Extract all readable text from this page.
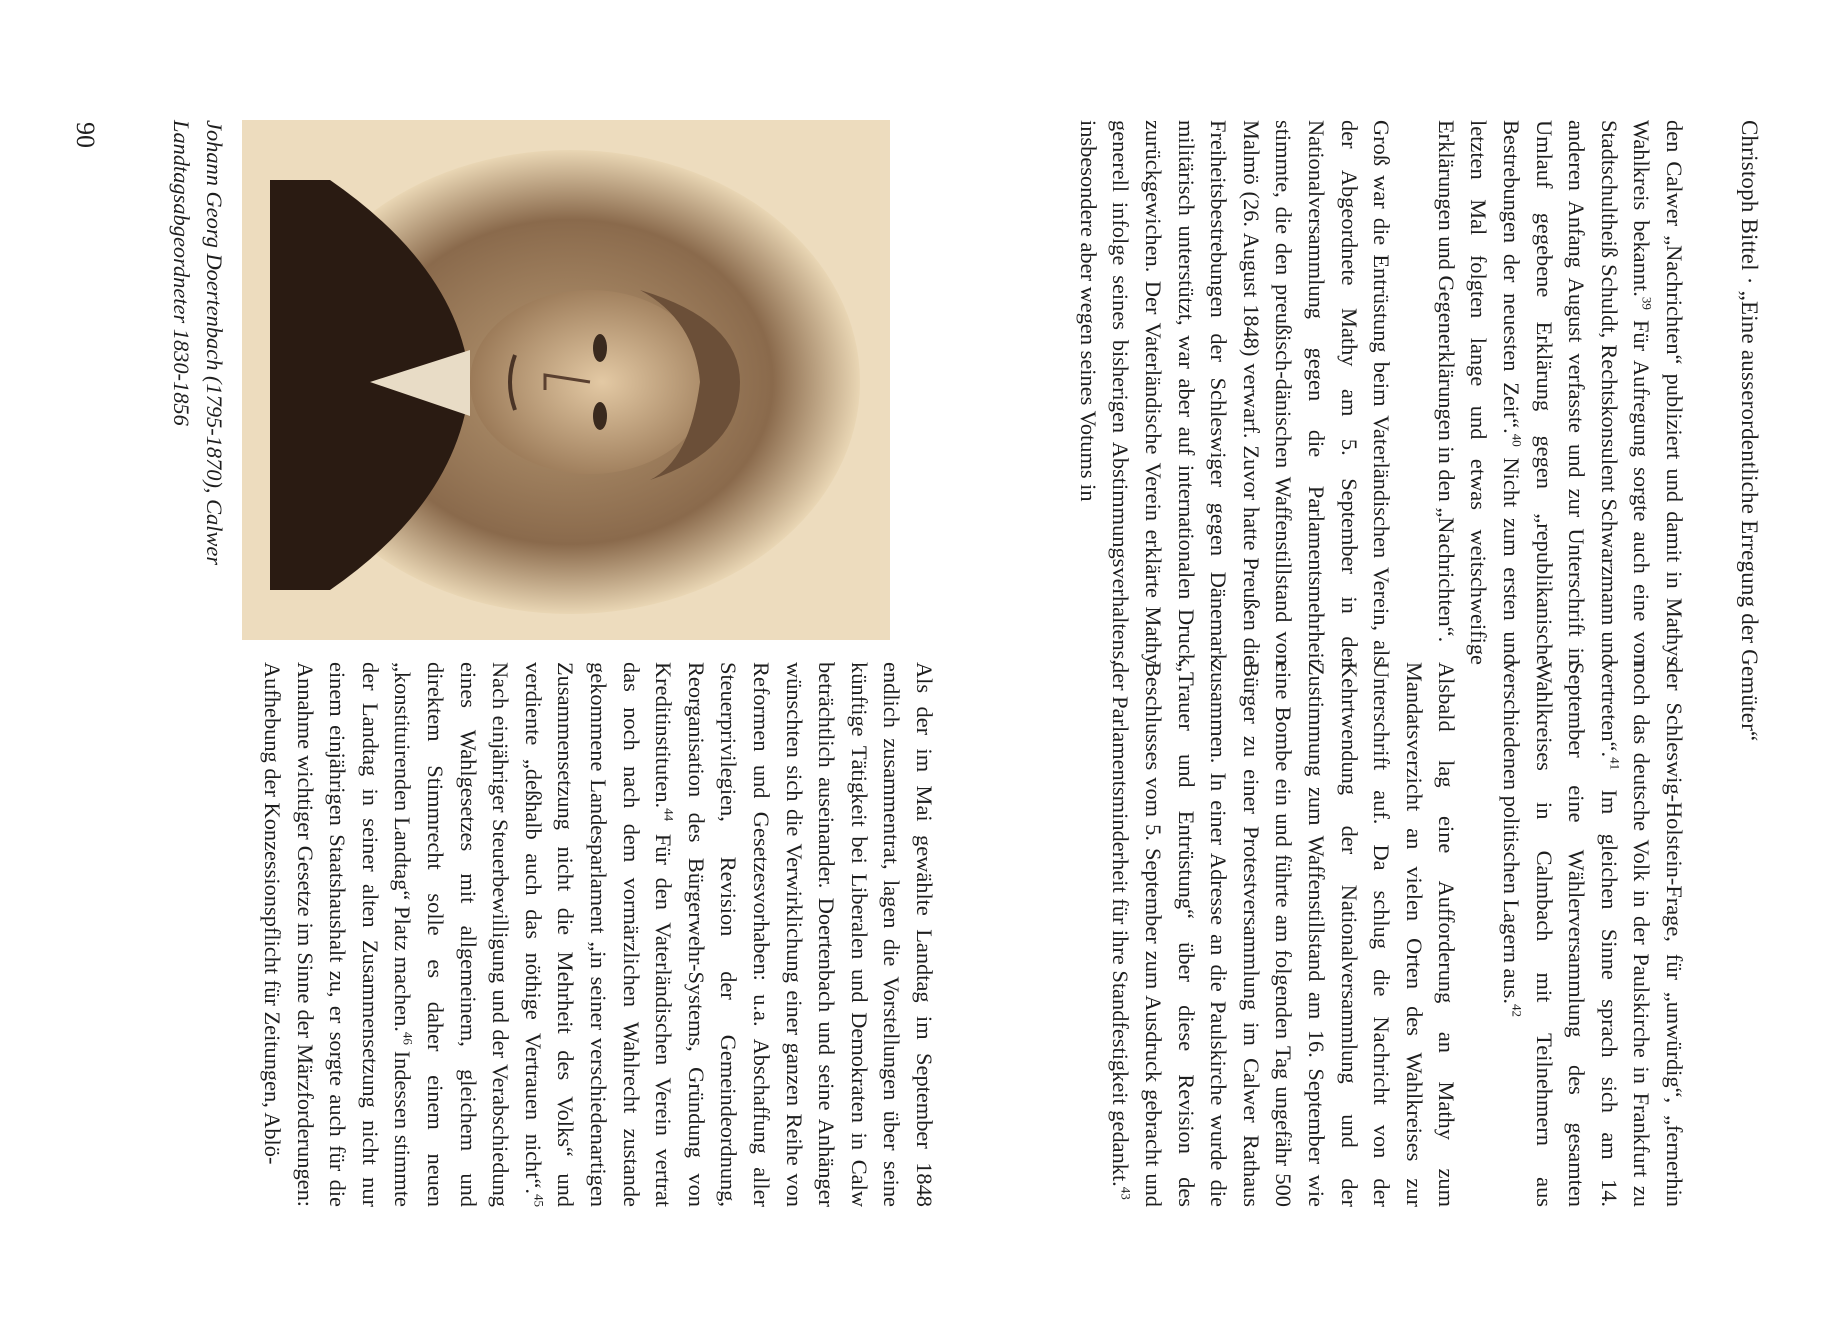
Christoph Bittel · „Eine ausserordentliche Erregung der Gemüter“

den Calwer „Nachrichten“ publiziert und damit in Mathys Wahlkreis bekannt.$^{39}$ Für Aufregung sorgte auch eine von Stadtschultheiß Schuldt, Rechtskonsulent Schwarzmann und anderen Anfang August verfasste und zur Unterschrift in Umlauf gegebene Erklärung gegen „republikanische Bestrebungen der neuesten Zeit“.$^{40}$ Nicht zum ersten und letzten Mal folgten lange und etwas weitschweifige Erklärungen und Gegenerklärungen in den „Nachrichten“.

Groß war die Entrüstung beim Vaterländischen Verein, als der Abgeordnete Mathy am 5. September in der Nationalversammlung gegen die Parlamentsmehrheit stimmte, die den preußisch-dänischen Waffenstillstand von Malmö (26. August 1848) verwarf. Zuvor hatte Preußen die Freiheitsbestrebungen der Schleswiger gegen Dänemark militärisch unterstützt, war aber auf internationalen Druck zurückgewichen. Der Vaterländische Verein erklärte Mathy generell infolge seines bisherigen Abstimmungsverhaltens, insbesondere aber wegen seines Votums in

der Schleswig-Holstein-Frage, für „unwürdig“, „fernerhin noch das deutsche Volk in der Paulskirche in Frankfurt zu vertreten“.$^{41}$ Im gleichen Sinne sprach sich am 14. September eine Wählerversammlung des gesamten Wahlkreises in Calmbach mit Teilnehmern aus verschiedenen politischen Lagern aus.$^{42}$

Alsbald lag eine Aufforderung an Mathy zum Mandatsverzicht an vielen Orten des Wahlkreises zur Unterschrift auf. Da schlug die Nachricht von der Kehrtwendung der Nationalversammlung und der Zustimmung zum Waffenstillstand am 16. September wie eine Bombe ein und führte am folgenden Tag ungefähr 500 Bürger zu einer Protestversammlung im Calwer Rathaus zusammen. In einer Adresse an die Paulskirche wurde die „Trauer und Entrüstung“ über diese Revision des Beschlusses vom 5. September zum Ausdruck gebracht und der Parlamentsminderheit für ihre Standfestigkeit gedankt.$^{43}$

Als der im Mai gewählte Landtag im September 1848 endlich zusammentrat, lagen die Vorstellungen über seine künftige Tätigkeit bei Liberalen und Demokraten in Calw beträchtlich auseinander. Doertenbach und seine Anhänger wünschten sich die Verwirklichung einer ganzen Reihe von Reformen und Gesetzesvorhaben: u.a. Abschaffung aller Steuerprivilegien, Revision der Gemeindeordnung, Reorganisation des Bürgerwehr-Systems, Gründung von Kreditinstituten.$^{44}$ Für den Vaterländischen Verein vertrat das noch nach dem vormärzlichen Wahlrecht zustande gekommene Landesparlament „in seiner verschiedenartigen Zusammensetzung nicht die Mehrheit des Volks“ und verdiente „deßhalb auch das nöthige Vertrauen nicht“.$^{45}$ Nach einjähriger Steuerbewilligung und der Verabschiedung eines Wahlgesetzes mit allgemeinem, gleichem und direktem Stimmrecht solle es daher einem neuen „konstituirenden Landtag“ Platz machen.$^{46}$ Indessen stimmte der Landtag in seiner alten Zusammensetzung nicht nur einem einjährigen Staatshaushalt zu, er sorgte auch für die Annahme wichtiger Gesetze im Sinne der Märzforderungen: Aufhebung der Konzessionspflicht für Zeitungen, Ablö-

Johann Georg Doertenbach (1795-1870), Calwer Landtagsabgeordneter 1830-1856
90
